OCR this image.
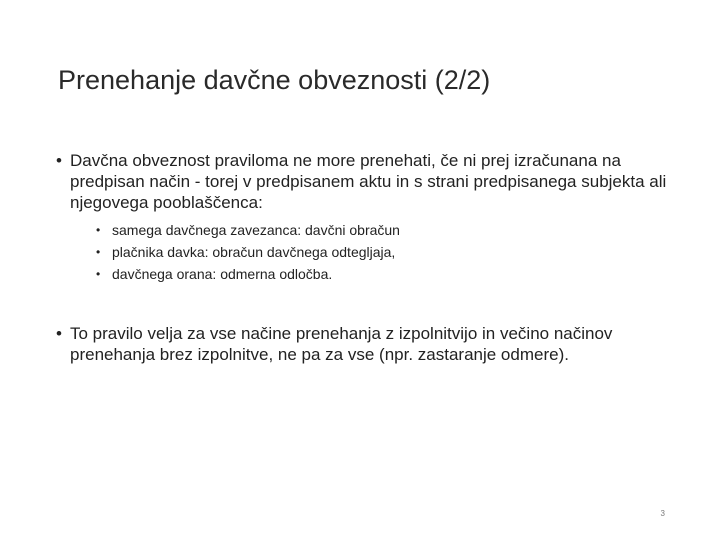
Prenehanje davčne obveznosti (2/2)
• Davčna obveznost praviloma ne more prenehati, če ni prej izračunana na predpisan način - torej v predpisanem aktu in s strani predpisanega subjekta ali njegovega pooblaščenca:
• samega davčnega zavezanca: davčni obračun
• plačnika davka: obračun davčnega odtegljaja,
• davčnega orana: odmerna odločba.
• To pravilo velja za vse načine prenehanja z izpolnitvijo in večino načinov prenehanja brez izpolnitve, ne pa za vse (npr. zastaranje odmere).
3
